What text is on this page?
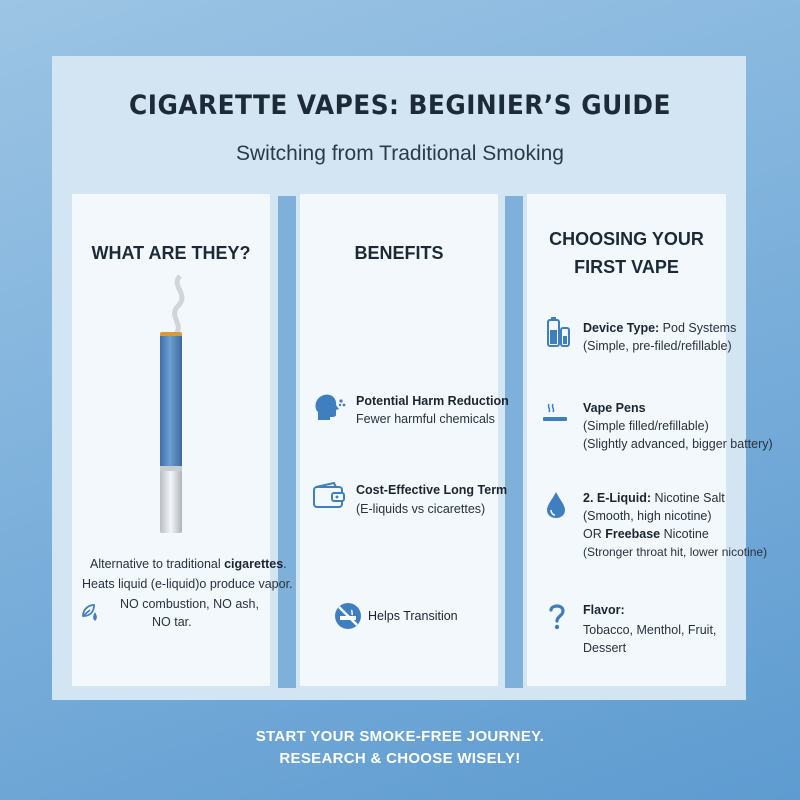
CIGARETTE VAPES: BEGINIER’S GUIDE
Switching from Traditional Smoking
WHAT ARE THEY?
Alternative to traditional cigarettes.
Heats liquid (e-liquid)o produce vapor.
NO combustion, NO ash,
NO tar.
BENEFITS
Potential Harm Reduction
Fewer harmful chemicals
Cost-Effective Long Term
(E-liquids vs cicarettes)
Helps Transition
CHOOSING YOUR
FIRST VAPE
Device Type: Pod Systems
(Simple, pre-filed/refillable)
Vape Pens
(Simple filled/refillable)
(Slightly advanced, bigger battery)
2. E-Liquid: Nicotine Salt
(Smooth, high nicotine)
OR Freebase Nicotine
(Stronger throat hit, lower nicotine)
Flavor:
Tobacco, Menthol, Fruit,
Dessert
START YOUR SMOKE-FREE JOURNEY.
RESEARCH & CHOOSE WISELY!
